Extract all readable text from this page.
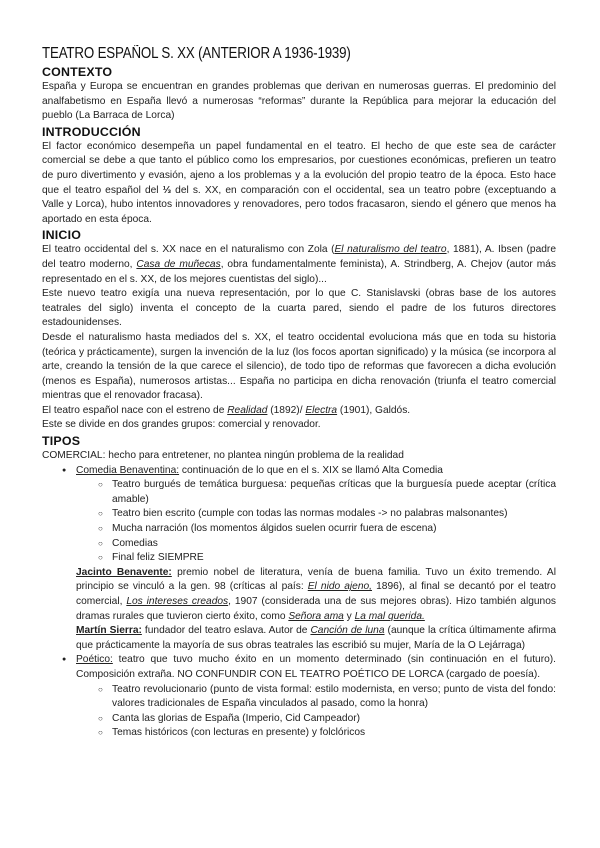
TEATRO ESPAÑOL S. XX (ANTERIOR A 1936-1939)
CONTEXTO

España y Europa se encuentran en grandes problemas que derivan en numerosas guerras. El predominio del analfabetismo en España llevó a numerosas “reformas” durante la República para mejorar la educación del pueblo (La Barraca de Lorca)

INTRODUCCIÓN

El factor económico desempeña un papel fundamental en el teatro. El hecho de que este sea de carácter comercial se debe a que tanto el público como los empresarios, por cuestiones económicas, prefieren un teatro de puro divertimento y evasión, ajeno a los problemas y a la evolución del propio teatro de la época. Esto hace que el teatro español del ⅓ del s. XX, en comparación con el occidental, sea un teatro pobre (exceptuando a Valle y Lorca), hubo intentos innovadores y renovadores, pero todos fracasaron, siendo el género que menos ha aportado en esta época.

INICIO

El teatro occidental del s. XX nace en el naturalismo con Zola (El naturalismo del teatro, 1881), A. Ibsen (padre del teatro moderno, Casa de muñecas, obra fundamentalmente feminista), A. Strindberg, A. Chejov (autor más representado en el s. XX, de los mejores cuentistas del siglo)...

Este nuevo teatro exigía una nueva representación, por lo que C. Stanislavski (obras base de los autores teatrales del siglo) inventa el concepto de la cuarta pared, siendo el padre de los futuros directores estadounidenses.

Desde el naturalismo hasta mediados del s. XX, el teatro occidental evoluciona más que en toda su historia (teórica y prácticamente), surgen la invención de la luz (los focos aportan significado) y la música (se incorpora al arte, creando la tensión de la que carece el silencio), de todo tipo de reformas que favorecen a dicha evolución (menos es España), numerosos artistas... España no participa en dicha renovación (triunfa el teatro comercial mientras que el renovador fracasa).

El teatro español nace con el estreno de Realidad (1892)/ Electra (1901), Galdós.

Este se divide en dos grandes grupos: comercial y renovador.

TIPOS

COMERCIAL: hecho para entretener, no plantea ningún problema de la realidad

● Comedia Benaventina: continuación de lo que en el s. XIX se llamó Alta Comedia
○ Teatro burgués de temática burguesa: pequeñas críticas que la burguesía puede aceptar (crítica amable)
○ Teatro bien escrito (cumple con todas las normas modales -> no palabras malsonantes)
○ Mucha narración (los momentos álgidos suelen ocurrir fuera de escena)
○ Comedias
○ Final feliz SIEMPRE

Jacinto Benavente: premio nobel de literatura, venía de buena familia. Tuvo un éxito tremendo. Al principio se vinculó a la gen. 98 (críticas al país: El nido ajeno, 1896), al final se decantó por el teatro comercial, Los intereses creados, 1907 (considerada una de sus mejores obras). Hizo también algunos dramas rurales que tuvieron cierto éxito, como Señora ama y La mal querida.

Martín Sierra: fundador del teatro eslava. Autor de Canción de luna (aunque la crítica últimamente afirma que prácticamente la mayoría de sus obras teatrales las escribió su mujer, María de la O Lejárraga)

● Poético: teatro que tuvo mucho éxito en un momento determinado (sin continuación en el futuro). Composición extraña. NO CONFUNDIR CON EL TEATRO POÉTICO DE LORCA (cargado de poesía).
○ Teatro revolucionario (punto de vista formal: estilo modernista, en verso; punto de vista del fondo: valores tradicionales de España vinculados al pasado, como la honra)
○ Canta las glorias de España (Imperio, Cid Campeador)
○ Temas históricos (con lecturas en presente) y folclóricos
